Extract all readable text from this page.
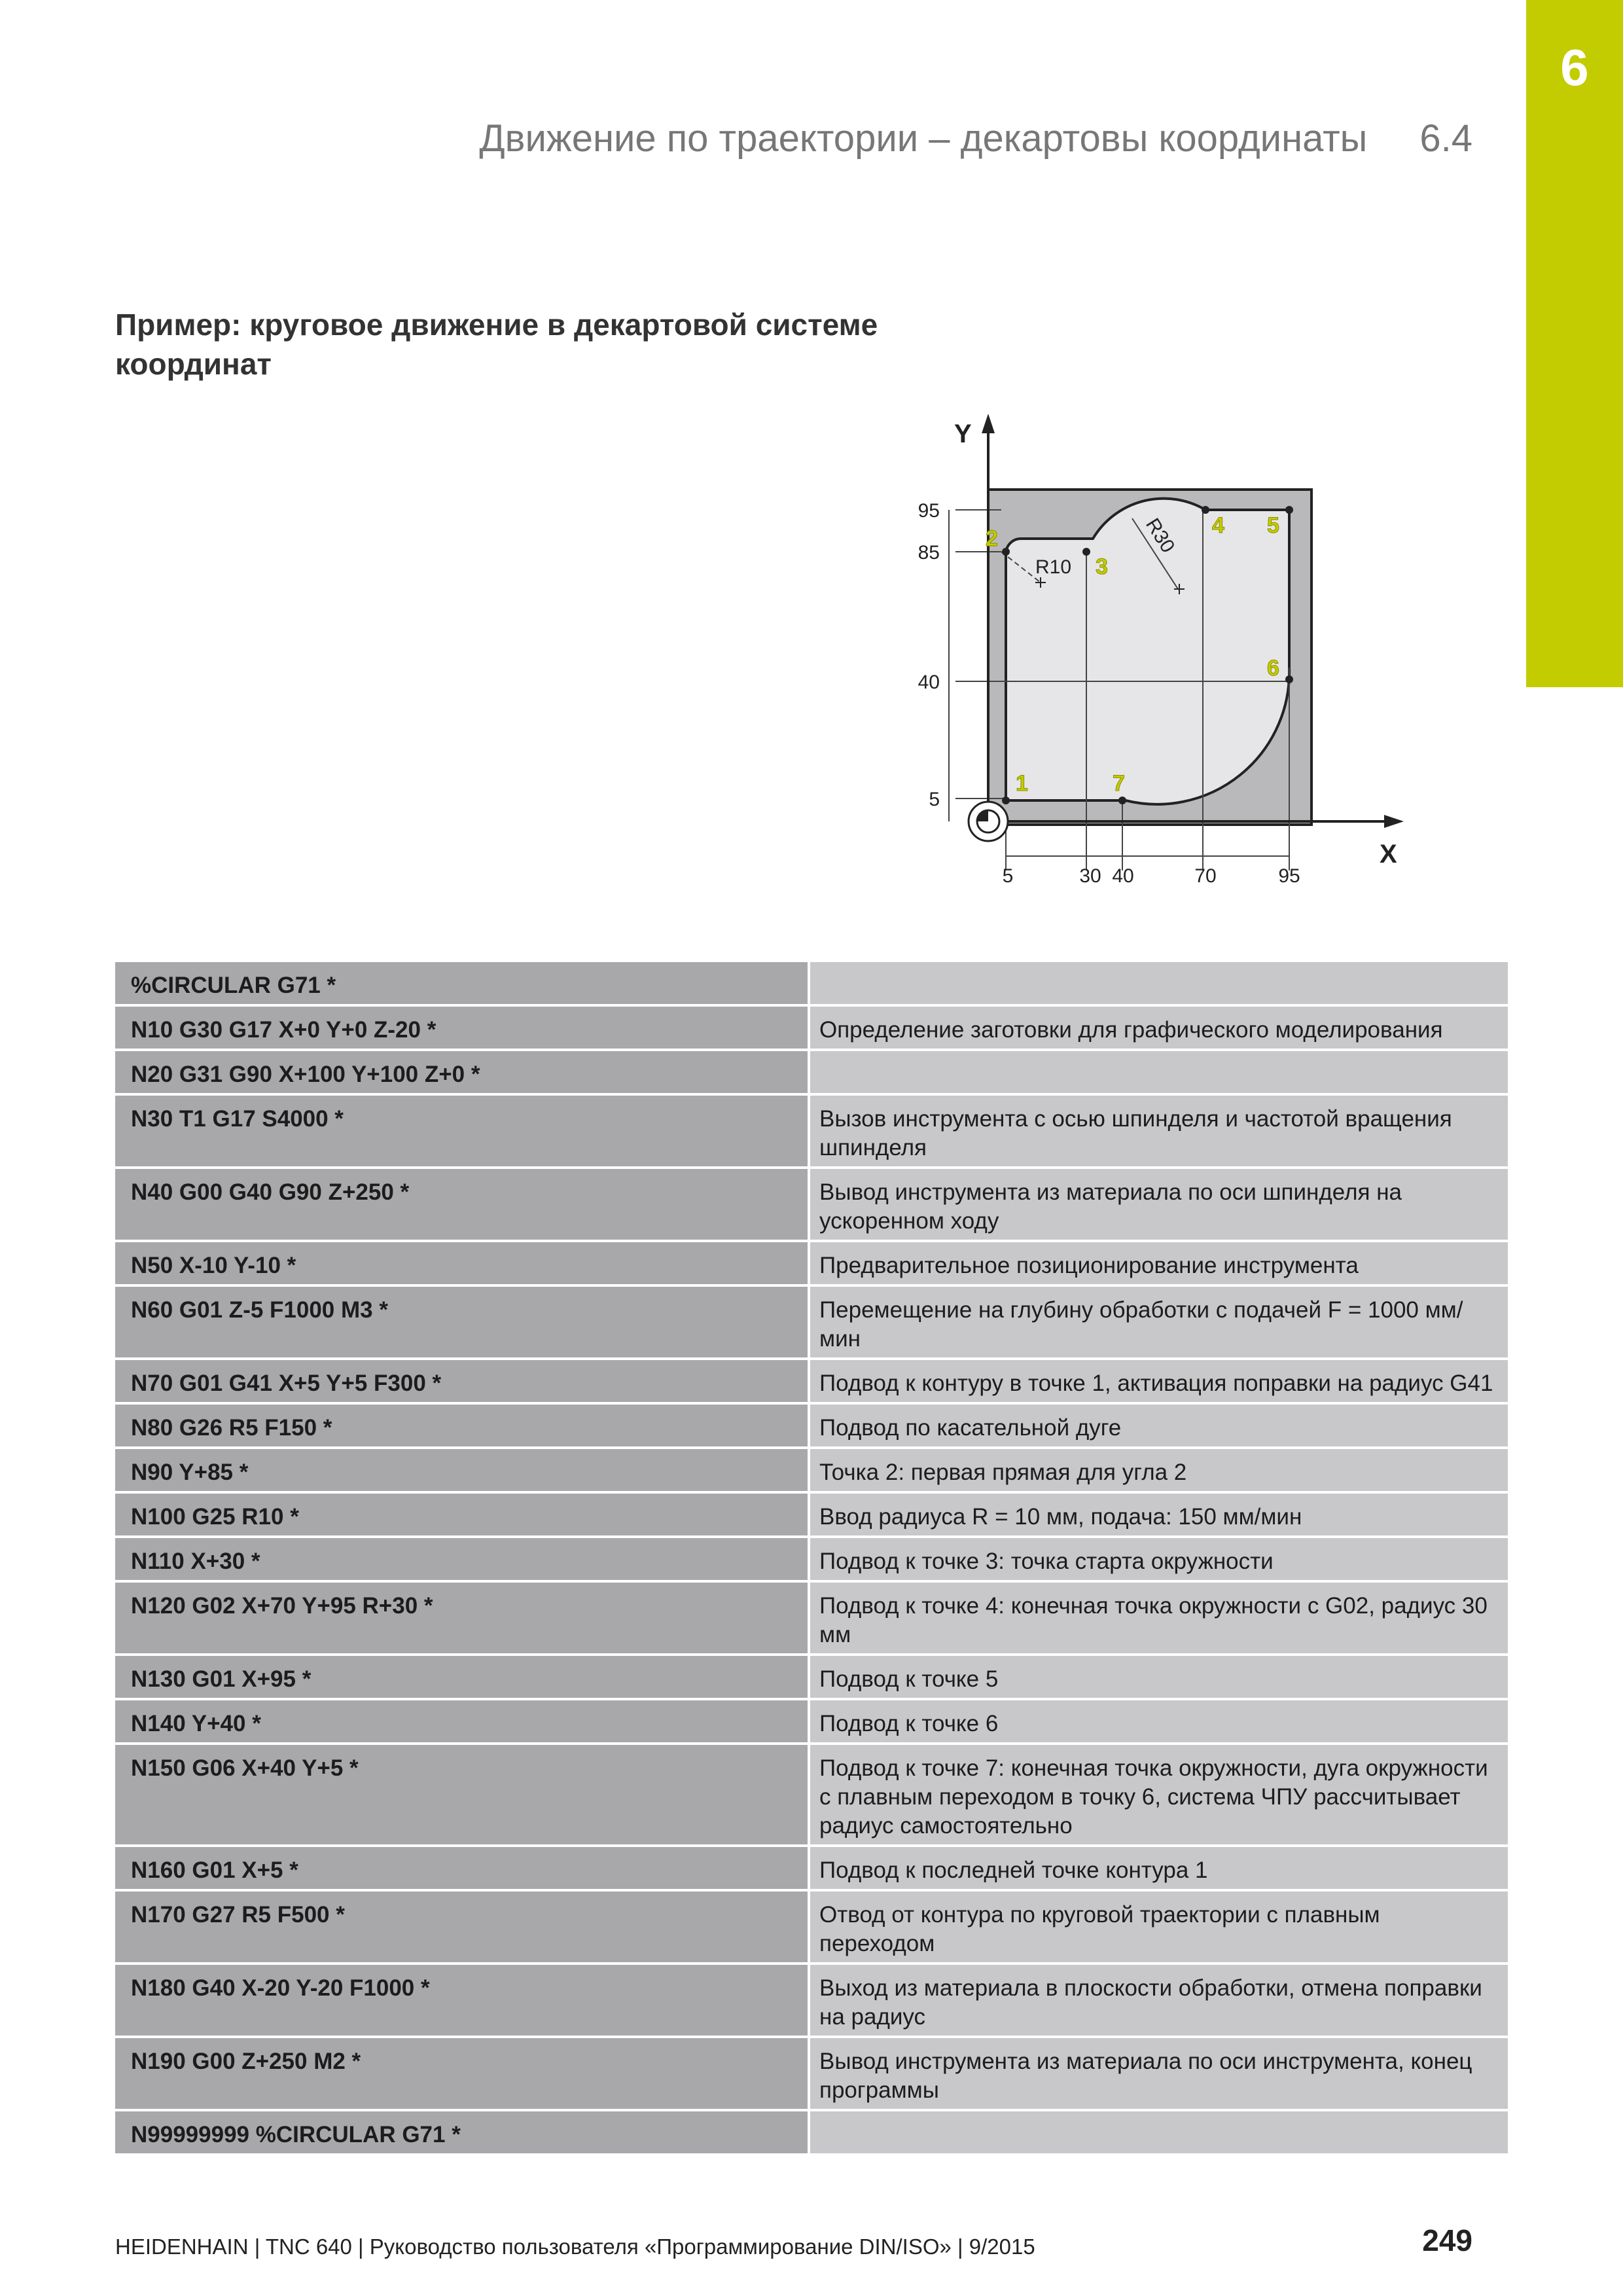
6
Движение по траектории – декартовы координаты 6.4
Пример: круговое движение в декартовой системе координат
Y
X
95
85
40
5
5	30 40	70	95
R10
R30
1
2
3
4 5
6
7
%CIRCULAR G71 *
N10 G30 G17 X+0 Y+0 Z-20 *	Определение заготовки для графического моделирования
N20 G31 G90 X+100 Y+100 Z+0 *
N30 T1 G17 S4000 *	Вызов инструмента с осью шпинделя и частотой вращения шпинделя
N40 G00 G40 G90 Z+250 *	Вывод инструмента из материала по оси шпинделя на ускоренном ходу
N50 X-10 Y-10 *	Предварительное позиционирование инструмента
N60 G01 Z-5 F1000 M3 *	Перемещение на глубину обработки с подачей F = 1000 мм/мин
N70 G01 G41 X+5 Y+5 F300 *	Подвод к контуру в точке 1, активация поправки на радиус G41
N80 G26 R5 F150 *	Подвод по касательной дуге
N90 Y+85 *	Точка 2: первая прямая для угла 2
N100 G25 R10 *	Ввод радиуса R = 10 мм, подача: 150 мм/мин
N110 X+30 *	Подвод к точке 3: точка старта окружности
N120 G02 X+70 Y+95 R+30 *	Подвод к точке 4: конечная точка окружности с G02, радиус 30 мм
N130 G01 X+95 *	Подвод к точке 5
N140 Y+40 *	Подвод к точке 6
N150 G06 X+40 Y+5 *	Подвод к точке 7: конечная точка окружности, дуга окружности с плавным переходом в точку 6, система ЧПУ рассчитывает радиус самостоятельно
N160 G01 X+5 *	Подвод к последней точке контура 1
N170 G27 R5 F500 *	Отвод от контура по круговой траектории с плавным переходом
N180 G40 X-20 Y-20 F1000 *	Выход из материала в плоскости обработки, отмена поправки на радиус
N190 G00 Z+250 M2 *	Вывод инструмента из материала по оси инструмента, конец программы
N99999999 %CIRCULAR G71 *
HEIDENHAIN | TNC 640 | Руководство пользователя «Программирование DIN/ISO» | 9/2015	249
